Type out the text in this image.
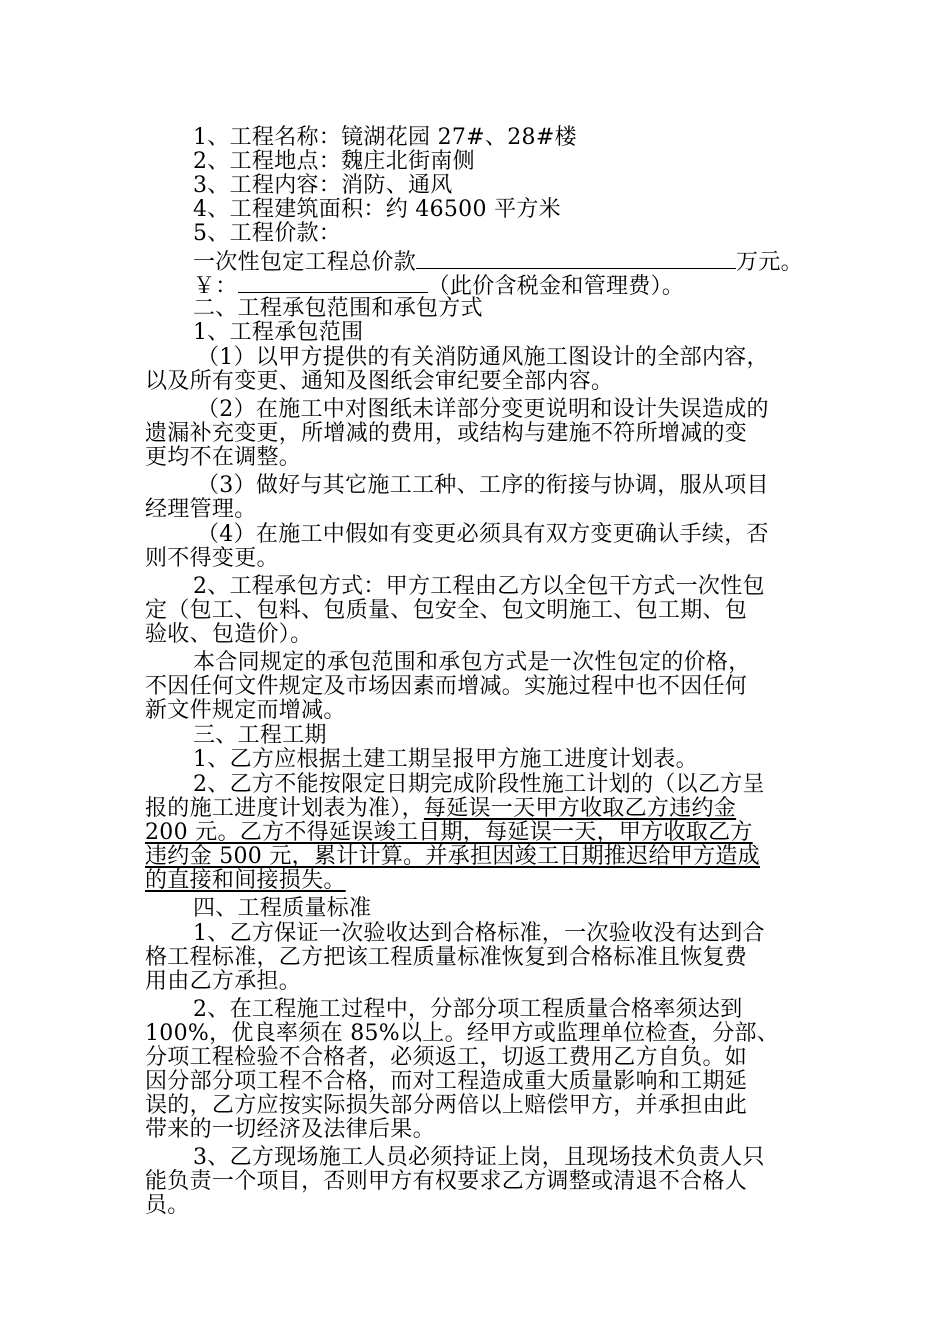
1、工程名称：镜湖花园 27#、28#楼
2、工程地点：魏庄北街南侧
3、工程内容：消防、通风
4、工程建筑面积：约 46500 平方米
5、工程价款：
一次性包定工程总价款	万元。
￥：	（此价含税金和管理费）。
二、工程承包范围和承包方式
1、工程承包范围
（1）以甲方提供的有关消防通风施工图设计的全部内容，
以及所有变更、通知及图纸会审纪要全部内容。
（2）在施工中对图纸未详部分变更说明和设计失误造成的
遗漏补充变更，所增减的费用，或结构与建施不符所增减的变
更均不在调整。
（3）做好与其它施工工种、工序的衔接与协调，服从项目
经理管理。
（4）在施工中假如有变更必须具有双方变更确认手续，否
则不得变更。
2、工程承包方式：甲方工程由乙方以全包干方式一次性包
定（包工、包料、包质量、包安全、包文明施工、包工期、包
验收、包造价）。
本合同规定的承包范围和承包方式是一次性包定的价格，
不因任何文件规定及市场因素而增减。实施过程中也不因任何
新文件规定而增减。
三、工程工期
1、乙方应根据土建工期呈报甲方施工进度计划表。
2、乙方不能按限定日期完成阶段性施工计划的（以乙方呈
报的施工进度计划表为准），每延误一天甲方收取乙方违约金
200 元。乙方不得延误竣工日期，每延误一天，甲方收取乙方
违约金 500 元，累计计算。并承担因竣工日期推迟给甲方造成
的直接和间接损失。
四、工程质量标准
1、乙方保证一次验收达到合格标准，一次验收没有达到合
格工程标准，乙方把该工程质量标准恢复到合格标准且恢复费
用由乙方承担。
2、在工程施工过程中，分部分项工程质量合格率须达到
100%，优良率须在 85%以上。经甲方或监理单位检查，分部、
分项工程检验不合格者，必须返工，切返工费用乙方自负。如
因分部分项工程不合格，而对工程造成重大质量影响和工期延
误的，乙方应按实际损失部分两倍以上赔偿甲方，并承担由此
带来的一切经济及法律后果。
3、乙方现场施工人员必须持证上岗，且现场技术负责人只
能负责一个项目，否则甲方有权要求乙方调整或清退不合格人
员。
